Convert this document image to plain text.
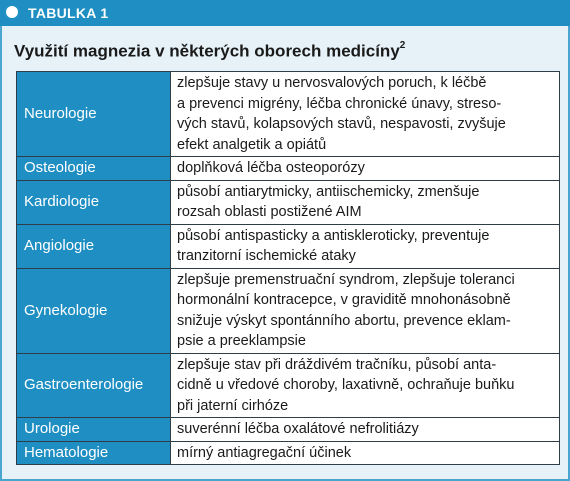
TABULKA 1
Využití magnezia v některých oborech medicíny$^2$
Neurologie	zlepšuje stavy u nervosvalových poruch, k léčbě
a prevenci migrény, léčba chronické únavy, streso-
vých stavů, kolapsových stavů, nespavosti, zvyšuje
efekt analgetik a opiátů
Osteologie	doplňková léčba osteoporózy
Kardiologie	působí antiarytmicky, antiischemicky, zmenšuje
rozsah oblasti postižené AIM
Angiologie	působí antispasticky a antiskleroticky, preventuje
tranzitorní ischemické ataky
Gynekologie	zlepšuje premenstruační syndrom, zlepšuje toleranci
hormonální kontracepce, v graviditě mnohonásobně
snižuje výskyt spontánního abortu, prevence eklam-
psie a preeklampsie
Gastroenterologie	zlepšuje stav při dráždivém tračníku, působí anta-
cidně u vředové choroby, laxativně, ochraňuje buňku
při jaterní cirhóze
Urologie	suverénní léčba oxalátové nefrolitiázy
Hematologie	mírný antiagregační účinek
